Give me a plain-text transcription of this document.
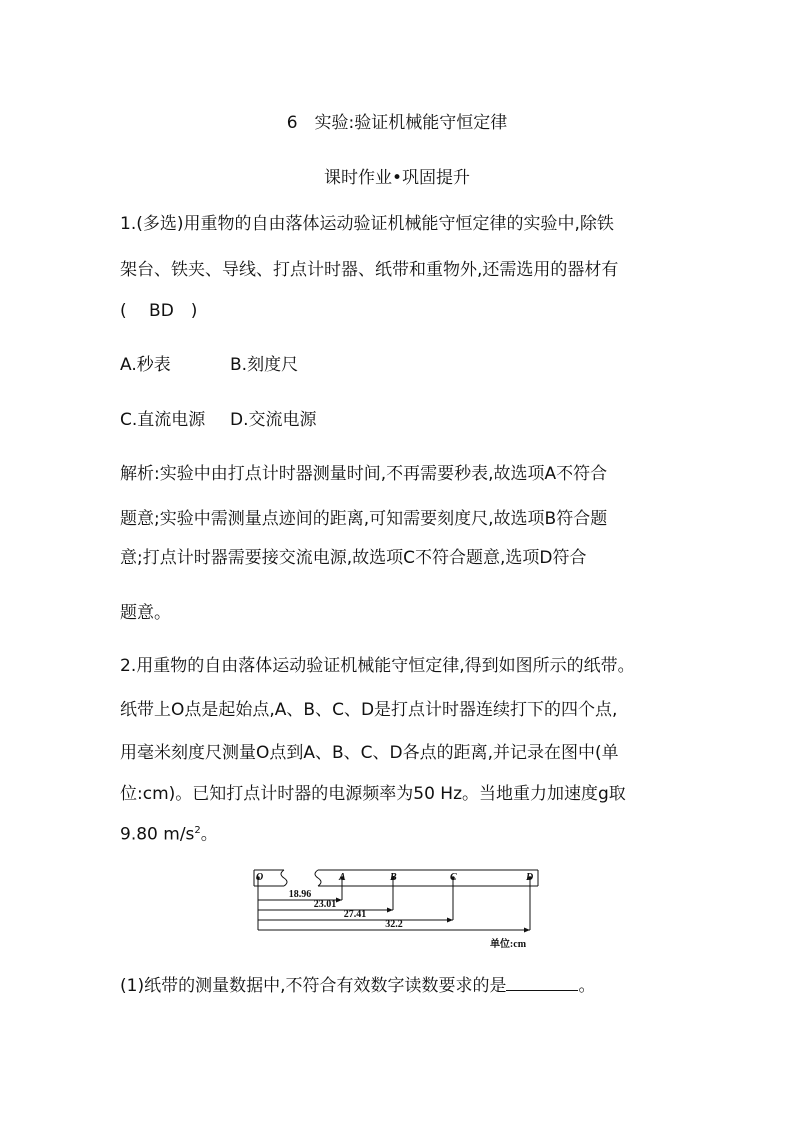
6　实验:验证机械能守恒定律
课时作业•巩固提升
1.(多选)用重物的自由落体运动验证机械能守恒定律的实验中,除铁
架台、铁夹、导线、打点计时器、纸带和重物外,还需选用的器材有
(　 BD　)
A.秒表	B.刻度尺
C.直流电源 D.交流电源
解析:实验中由打点计时器测量时间,不再需要秒表,故选项A不符合
题意;实验中需测量点迹间的距离,可知需要刻度尺,故选项B符合题
意;打点计时器需要接交流电源,故选项C不符合题意,选项D符合
题意。
2.用重物的自由落体运动验证机械能守恒定律,得到如图所示的纸带。
纸带上O点是起始点,A、B、C、D是打点计时器连续打下的四个点,
用毫米刻度尺测量O点到A、B、C、D各点的距离,并记录在图中(单
位:cm)。已知打点计时器的电源频率为50 Hz。当地重力加速度g取
9.80 $m/s^2$。
O	A	B	C	D
18.96
23.01
27.41
32.2
单位:cm
(1)纸带的测量数据中,不符合有效数字读数要求的是	。
